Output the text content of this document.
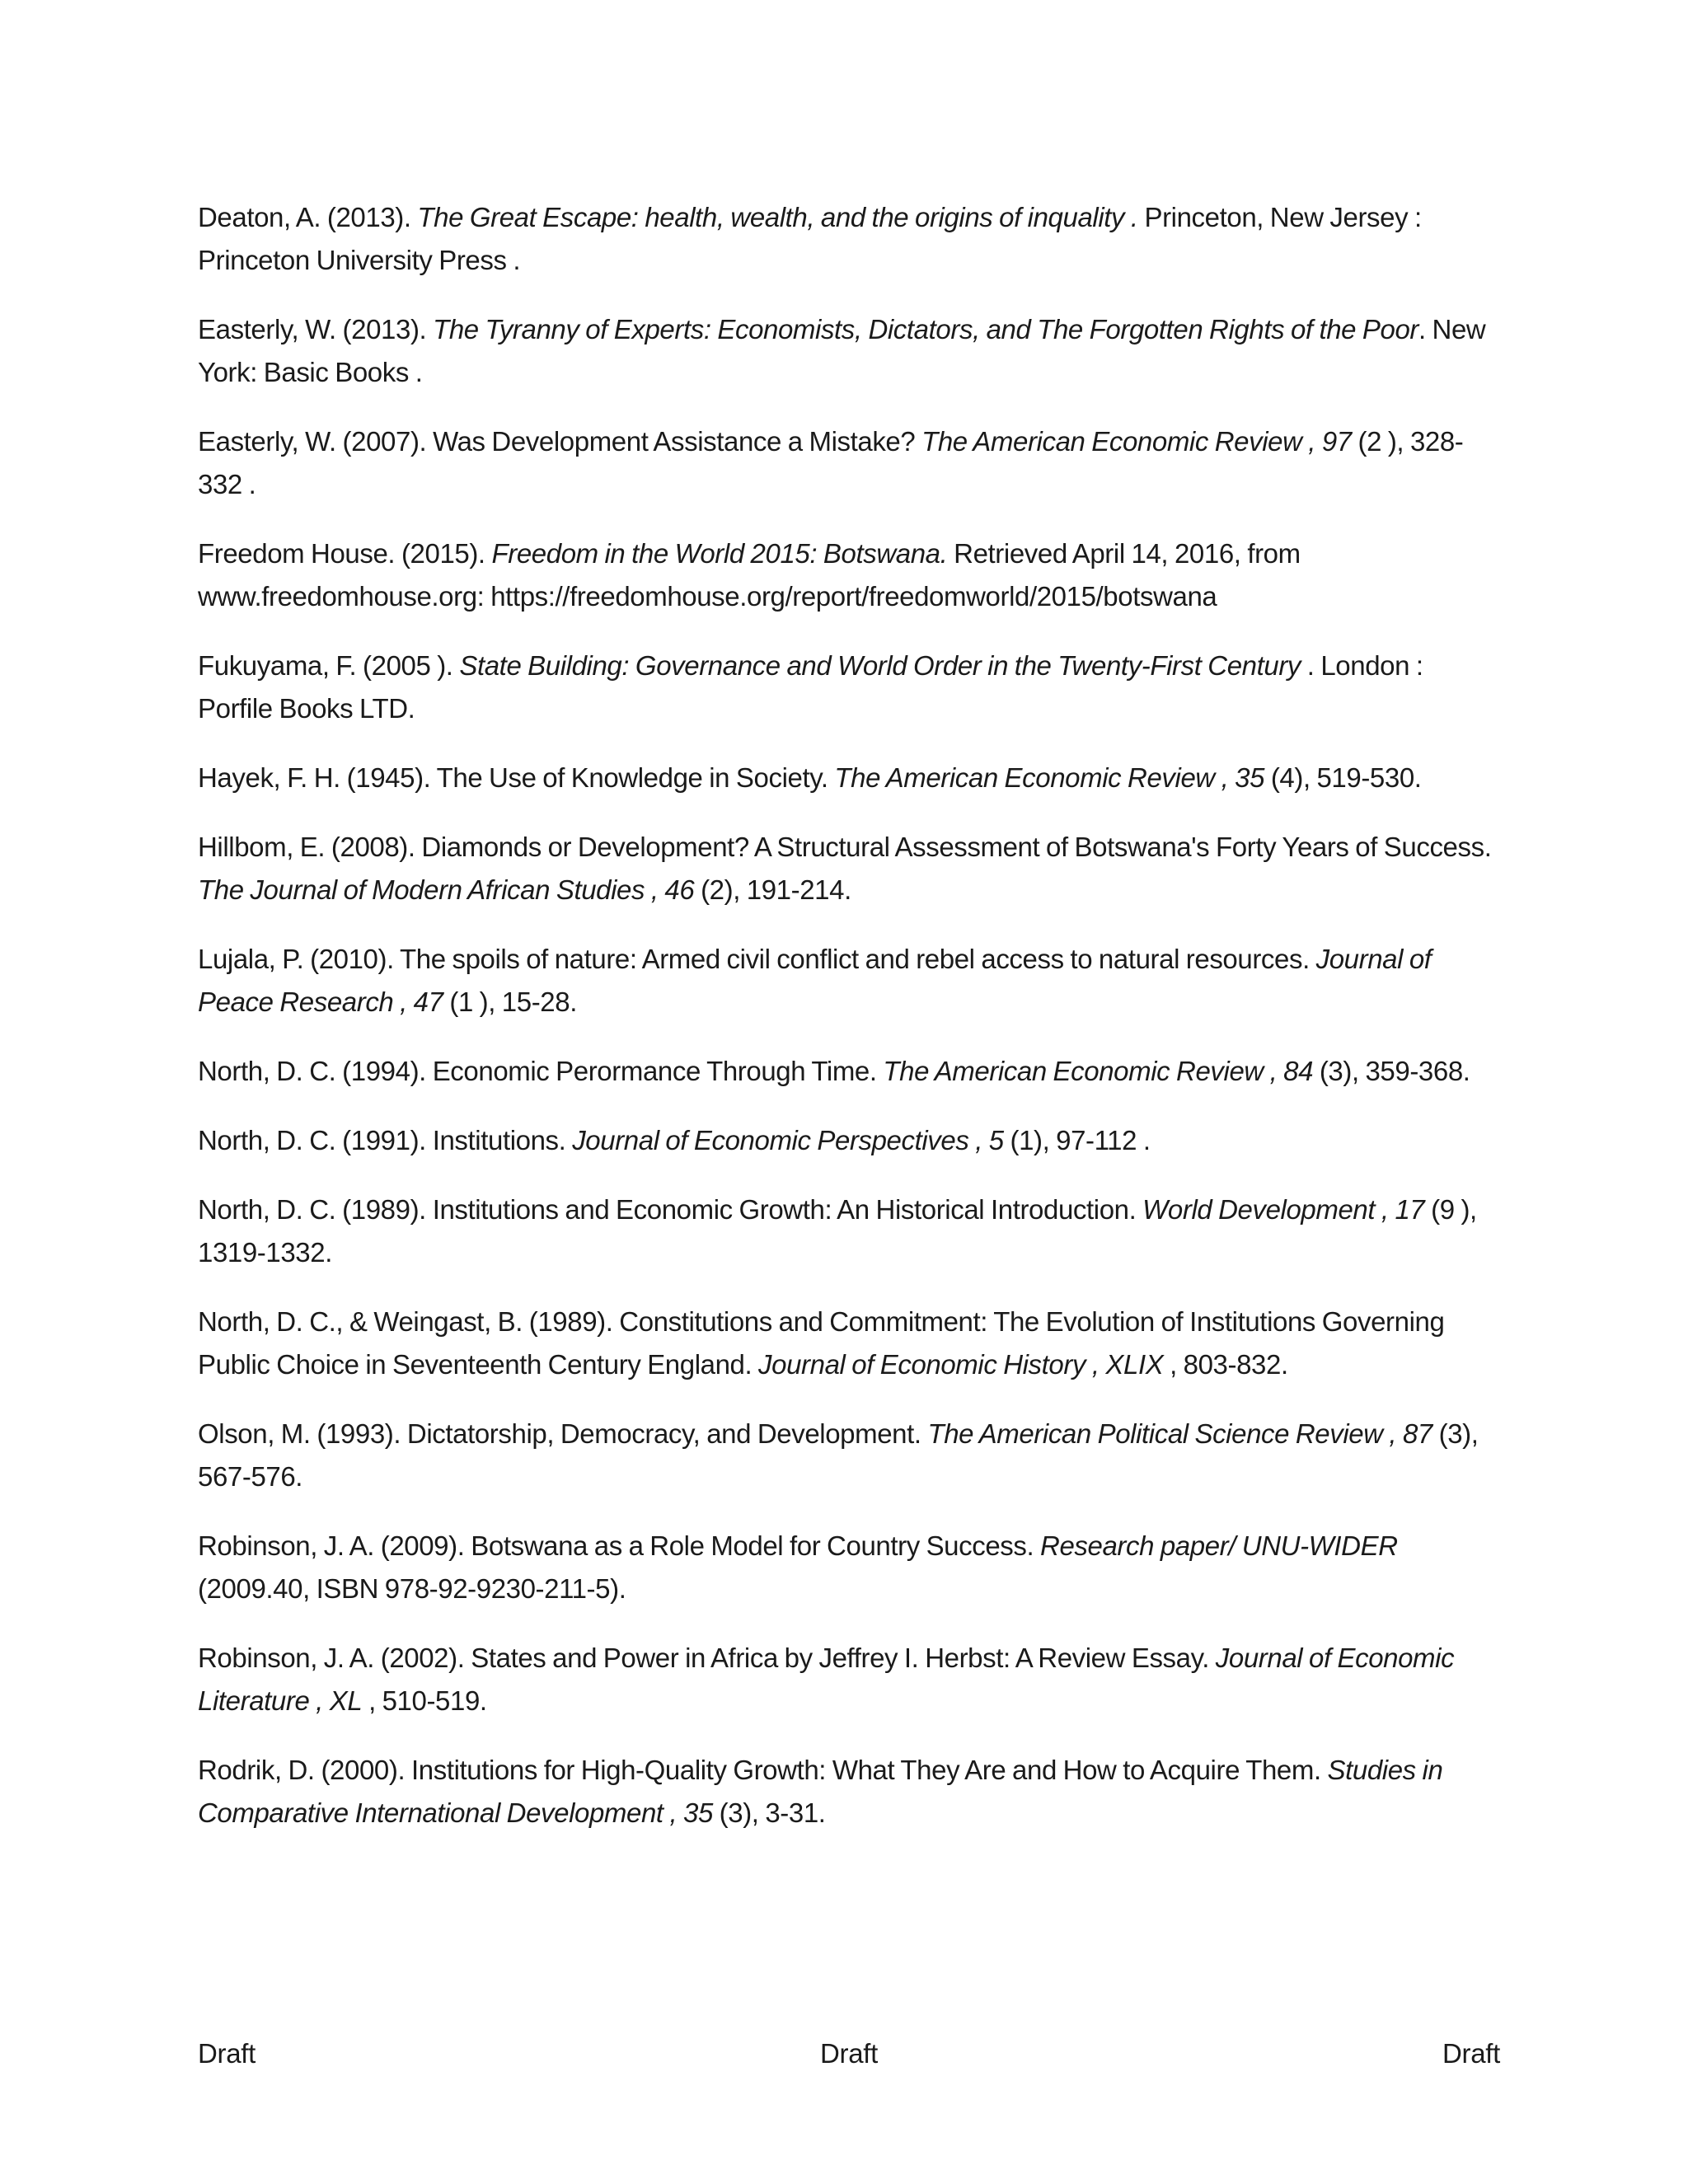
Deaton, A. (2013). The Great Escape: health, wealth, and the origins of inquality . Princeton, New Jersey : Princeton University Press .
Easterly, W. (2013). The Tyranny of Experts: Economists, Dictators, and The Forgotten Rights of the Poor. New York: Basic Books .
Easterly, W. (2007). Was Development Assistance a Mistake? The American Economic Review , 97 (2 ), 328-332 .
Freedom House. (2015). Freedom in the World 2015: Botswana. Retrieved April 14, 2016, from www.freedomhouse.org: https://freedomhouse.org/report/freedomworld/2015/botswana
Fukuyama, F. (2005 ). State Building: Governance and World Order in the Twenty-First Century . London : Porfile Books LTD.
Hayek, F. H. (1945). The Use of Knowledge in Society. The American Economic Review , 35 (4), 519-530.
Hillbom, E. (2008). Diamonds or Development? A Structural Assessment of Botswana's Forty Years of Success. The Journal of Modern African Studies , 46 (2), 191-214.
Lujala, P. (2010). The spoils of nature: Armed civil conflict and rebel access to natural resources. Journal of Peace Research , 47 (1 ), 15-28.
North, D. C. (1994). Economic Perormance Through Time. The American Economic Review , 84 (3), 359-368.
North, D. C. (1991). Institutions. Journal of Economic Perspectives , 5 (1), 97-112 .
North, D. C. (1989). Institutions and Economic Growth: An Historical Introduction. World Development , 17 (9 ), 1319-1332.
North, D. C., & Weingast, B. (1989). Constitutions and Commitment: The Evolution of Institutions Governing Public Choice in Seventeenth Century England. Journal of Economic History , XLIX , 803-832.
Olson, M. (1993). Dictatorship, Democracy, and Development. The American Political Science Review , 87 (3), 567-576.
Robinson, J. A. (2009). Botswana as a Role Model for Country Success. Research paper/ UNU-WIDER (2009.40, ISBN 978-92-9230-211-5).
Robinson, J. A. (2002). States and Power in Africa by Jeffrey I. Herbst: A Review Essay. Journal of Economic Literature , XL , 510-519.
Rodrik, D. (2000). Institutions for High-Quality Growth: What They Are and How to Acquire Them. Studies in Comparative International Development , 35 (3), 3-31.
Draft	Draft	Draft
